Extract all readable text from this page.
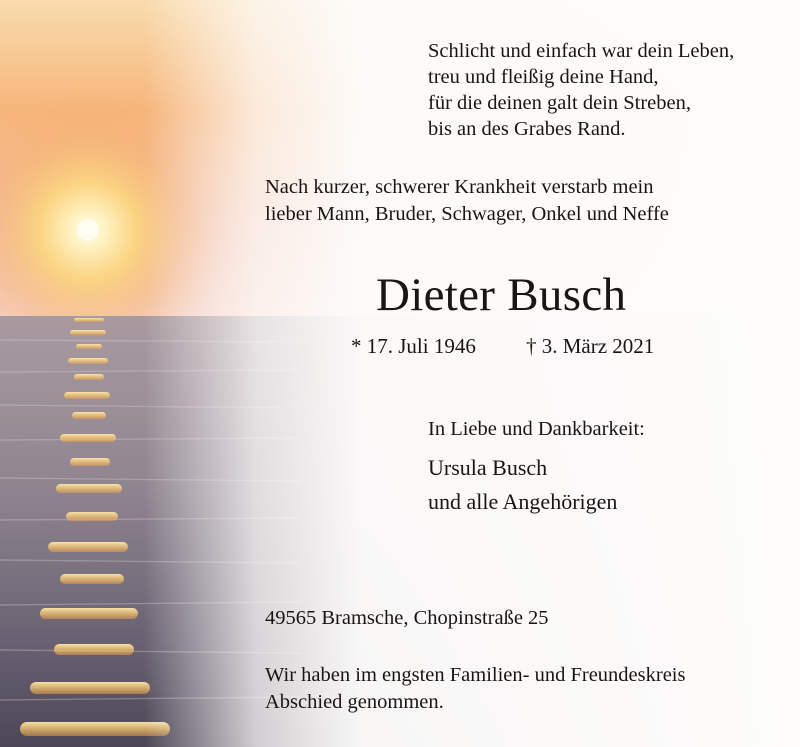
Schlicht und einfach war dein Leben,

treu und fleißig deine Hand,

für die deinen galt dein Streben,

bis an des Grabes Rand.

Nach kurzer, schwerer Krankheit verstarb mein

lieber Mann, Bruder, Schwager, Onkel und Neffe

Dieter Busch
* 17. Juli 1946 † 3. März 2021

In Liebe und Dankbarkeit:

Ursula Busch

und alle Angehörigen

49565 Bramsche, Chopinstraße 25

Wir haben im engsten Familien- und Freundeskreis

Abschied genommen.
